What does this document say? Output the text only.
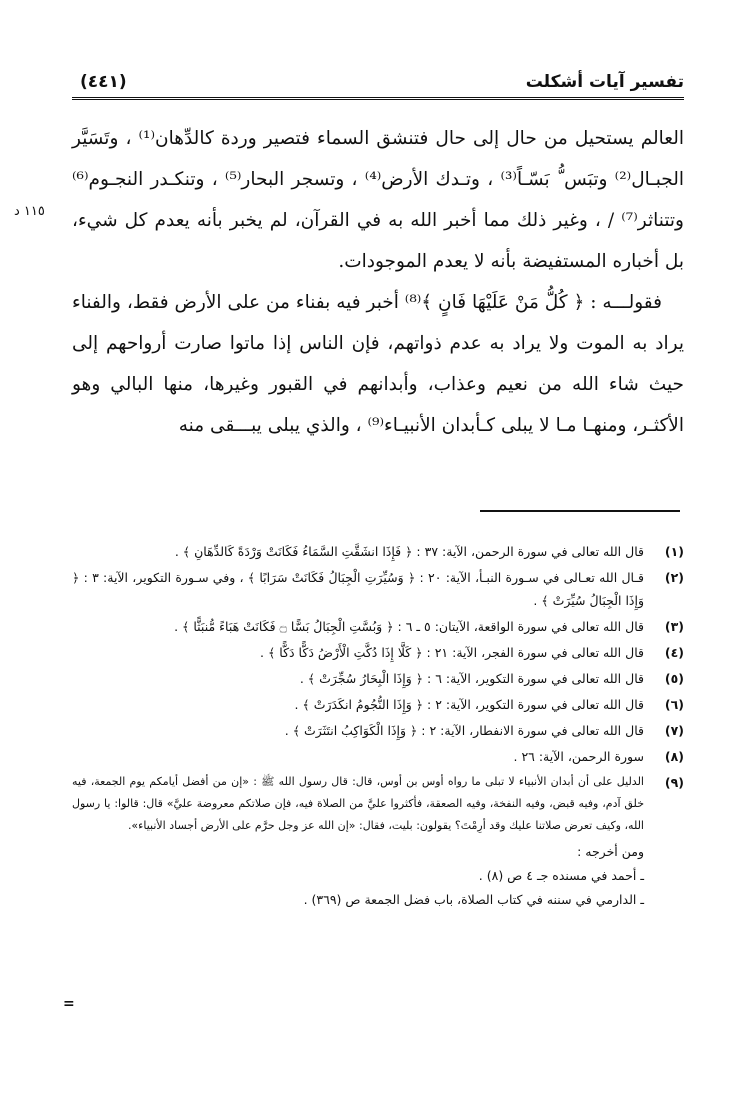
تفسير آيات أشكلت
(٤٤١)

العالم يستحيل من حال إلى حال فتنشق السماء فتصير وردة كالدِّهان⁽¹⁾ ، وتَسَيَّر الجبـال⁽²⁾ وتبَس ُّ بَسّـاً⁽³⁾ ، وتـدك الأرض⁽⁴⁾ ، وتسجر البحار⁽⁵⁾ ، وتنكـدر النجـوم⁽⁶⁾ وتتناثر⁽⁷⁾ / ، وغير ذلك مما أخبر الله به في القرآن، لم يخبر بأنه يعدم كل شيء، بل أخباره المستفيضة بأنه لا يعدم الموجودات.

فقولـــه : ﴿ كُلُّ مَنْ عَلَيْهَا فَانٍ ﴾⁽⁸⁾ أخبر فيه بفناء من على الأرض فقط، والفناء يراد به الموت ولا يراد به عدم ذواتهم، فإن الناس إذا ماتوا صارت أرواحهم إلى حيث شاء الله من نعيم وعذاب، وأبدانهم في القبور وغيرها، منها البالي وهو الأكثـر، ومنهـا مـا لا يبلى كـأبدان الأنبيـاء⁽⁹⁾ ، والذي يبلى يبـــقى منه

١١٥ د
(١)
قال الله تعالى في سورة الرحمن، الآية: ٣٧ : ﴿ فَإِذَا انشَقَّتِ السَّمَاءُ فَكَانَتْ وَرْدَةً كَالدِّهَانِ ﴾ .
(٢)
قـال الله تعـالى في سـورة النبـأ، الآية: ٢٠ : ﴿ وَسُيِّرَتِ الْجِبَالُ فَكَانَتْ سَرَابًا ﴾ ، وفي سـورة التكوير، الآية: ٣ : ﴿ وَإِذَا الْجِبَالُ سُيِّرَتْ ﴾ .
(٣)
قال الله تعالى في سورة الواقعة، الآيتان: ٥ ـ ٦ : ﴿ وَبُسَّتِ الْجِبَالُ بَسًّا ۝ فَكَانَتْ هَبَاءً مُّنبَثًّا ﴾ .
(٤)
قال الله تعالى في سورة الفجر، الآية: ٢١ : ﴿ كَلَّا إِذَا دُكَّتِ الْأَرْضُ دَكًّا دَكًّا ﴾ .
(٥)
قال الله تعالى في سورة التكوير، الآية: ٦ : ﴿ وَإِذَا الْبِحَارُ سُجِّرَتْ ﴾ .
(٦)
قال الله تعالى في سورة التكوير، الآية: ٢ : ﴿ وَإِذَا النُّجُومُ انكَدَرَتْ ﴾ .
(٧)
قال الله تعالى في سورة الانفطار، الآية: ٢ : ﴿ وَإِذَا الْكَوَاكِبُ انتَثَرَتْ ﴾ .
(٨)
سورة الرحمن، الآية: ٢٦ .
(٩)
الدليل على أن أبدان الأنبياء لا تبلى ما رواه أوس بن أوس، قال: قال رسول الله ﷺ : «إن من أفضل أيامكم يوم الجمعة، فيه خلق آدم، وفيه قبض، وفيه النفخة، وفيه الصعقة، فأكثروا عليَّ من الصلاة فيه، فإن صلاتكم معروضة عليَّ» قال: قالوا: يا رسول الله، وكيف تعرض صلاتنا عليك وقد أرِمْتَ؟ يقولون: بليت، فقال: «إن الله عز وجل حرَّم على الأرض أجساد الأنبياء».
ومن أخرجه :
ـ أحمد في مسنده جـ ٤ ص (٨) .
ـ الدارمي في سننه في كتاب الصلاة، باب فضل الجمعة ص (٣٦٩) .
=
